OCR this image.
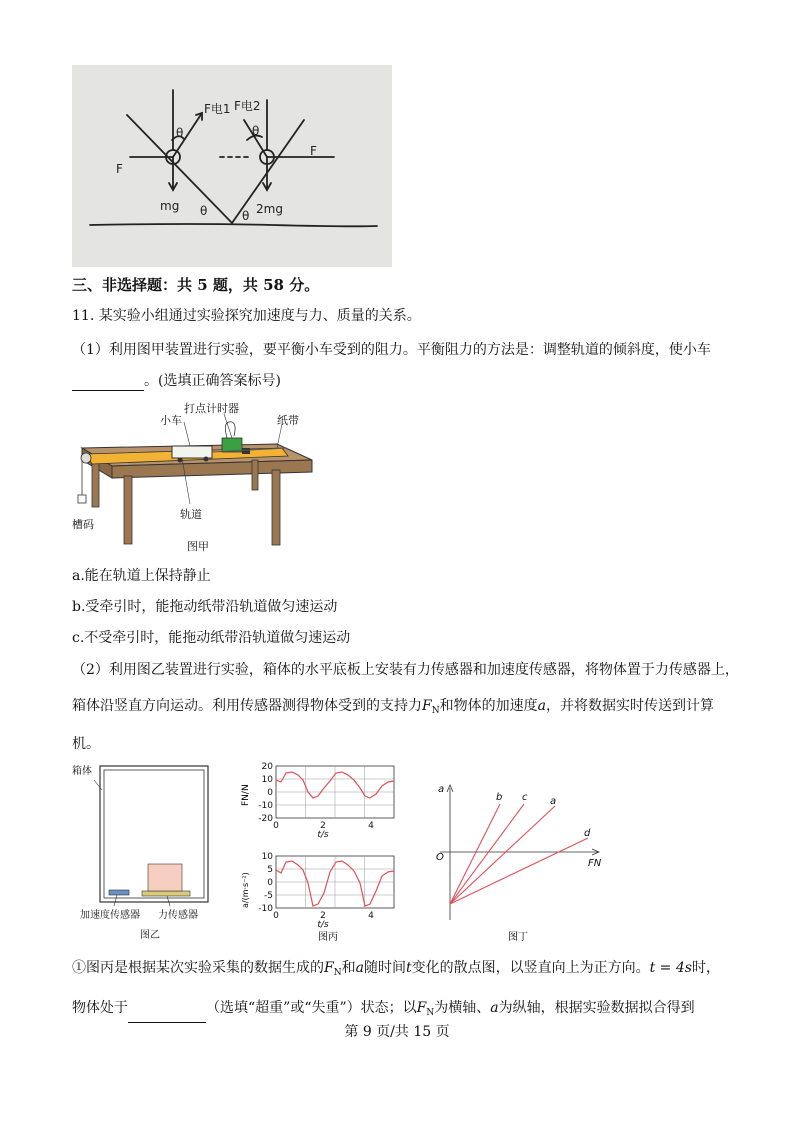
F电1 F电2
F
F
mg	2mg
θ	θ
θ	θ
三、非选择题：共 5 题，共 58 分。
11. 某实验小组通过实验探究加速度与力、质量的关系。
（1）利用图甲装置进行实验，要平衡小车受到的阻力。平衡阻力的方法是：调整轨道的倾斜度，使小车
。(选填正确答案标号)
打点计时器
小车	纸带
轨道
槽码
图甲
a.能在轨道上保持静止
b.受牵引时，能拖动纸带沿轨道做匀速运动
c.不受牵引时，能拖动纸带沿轨道做匀速运动
（2）利用图乙装置进行实验，箱体的水平底板上安装有力传感器和加速度传感器，将物体置于力传感器上，
箱体沿竖直方向运动。利用传感器测得物体受到的支持力$F_N$和物体的加速度a，并将数据实时传送到计算
机。
箱体
加速度传感器 力传感器
图乙
20
10
0
-10
-20
0	2	4
t/s
FN/N
10
5
0
-5
-10
0	2	4
t/s
a/(m·s⁻²)
图丙
a
FN
O
b c a
d
图丁
①图丙是根据某次实验采集的数据生成的$F_N$和a随时间t变化的散点图，以竖直向上为正方向。t = 4s时，
物体处于	（选填“超重”或“失重”）状态；以$F_N$为横轴、a为纵轴，根据实验数据拟合得到
第 9 页/共 15 页
